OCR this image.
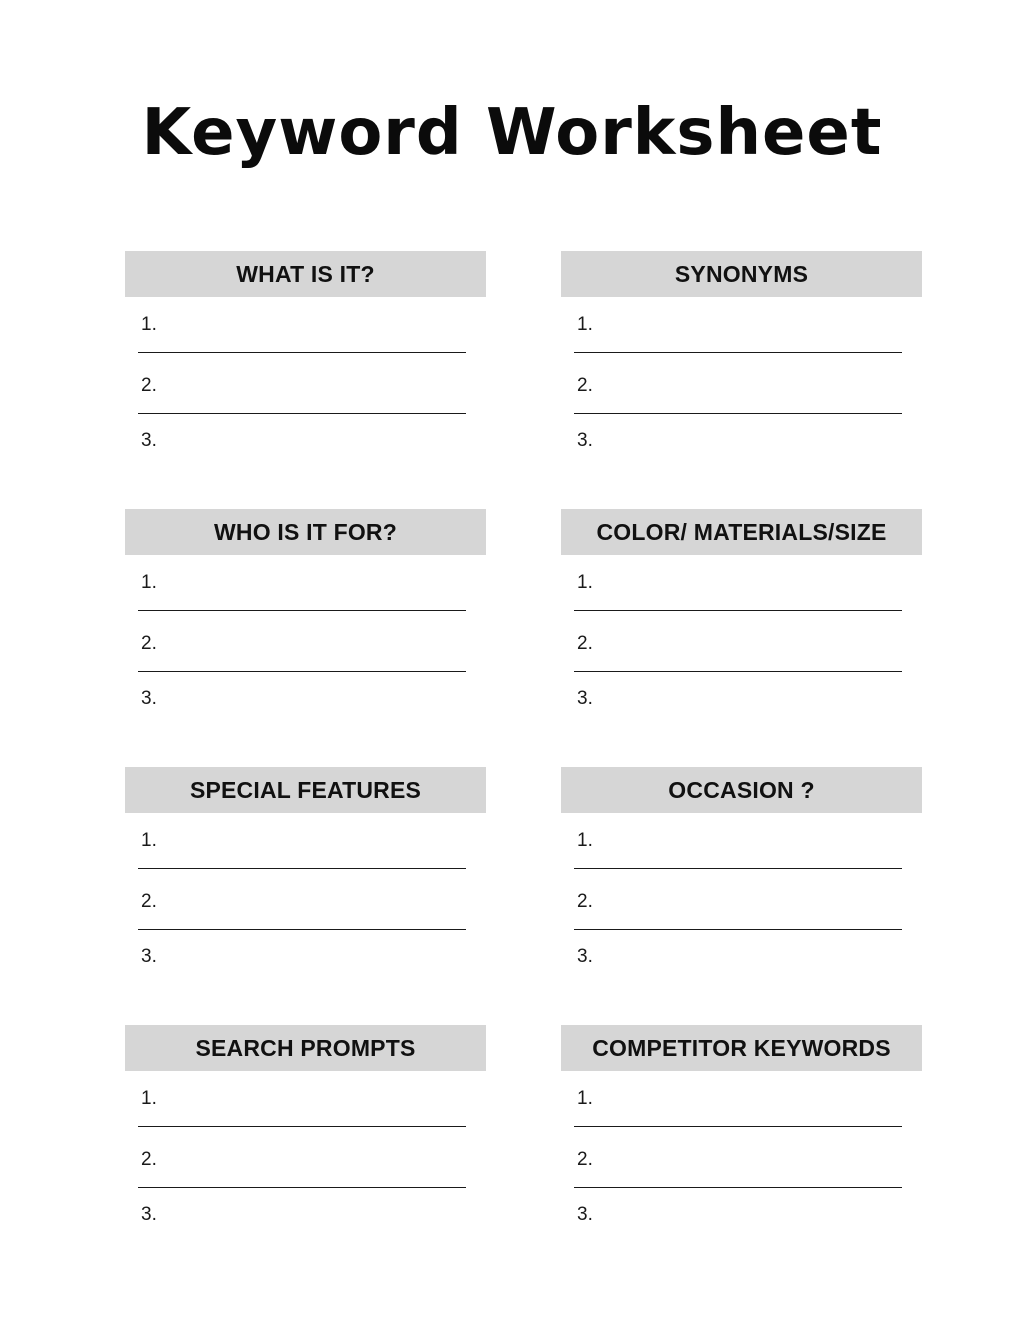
Keyword Worksheet
WHAT IS IT?
1.
2.
3.
SYNONYMS
1.
2.
3.
WHO IS IT FOR?
1.
2.
3.
COLOR/ MATERIALS/SIZE
1.
2.
3.
SPECIAL FEATURES
1.
2.
3.
OCCASION ?
1.
2.
3.
SEARCH PROMPTS
1.
2.
3.
COMPETITOR KEYWORDS
1.
2.
3.
